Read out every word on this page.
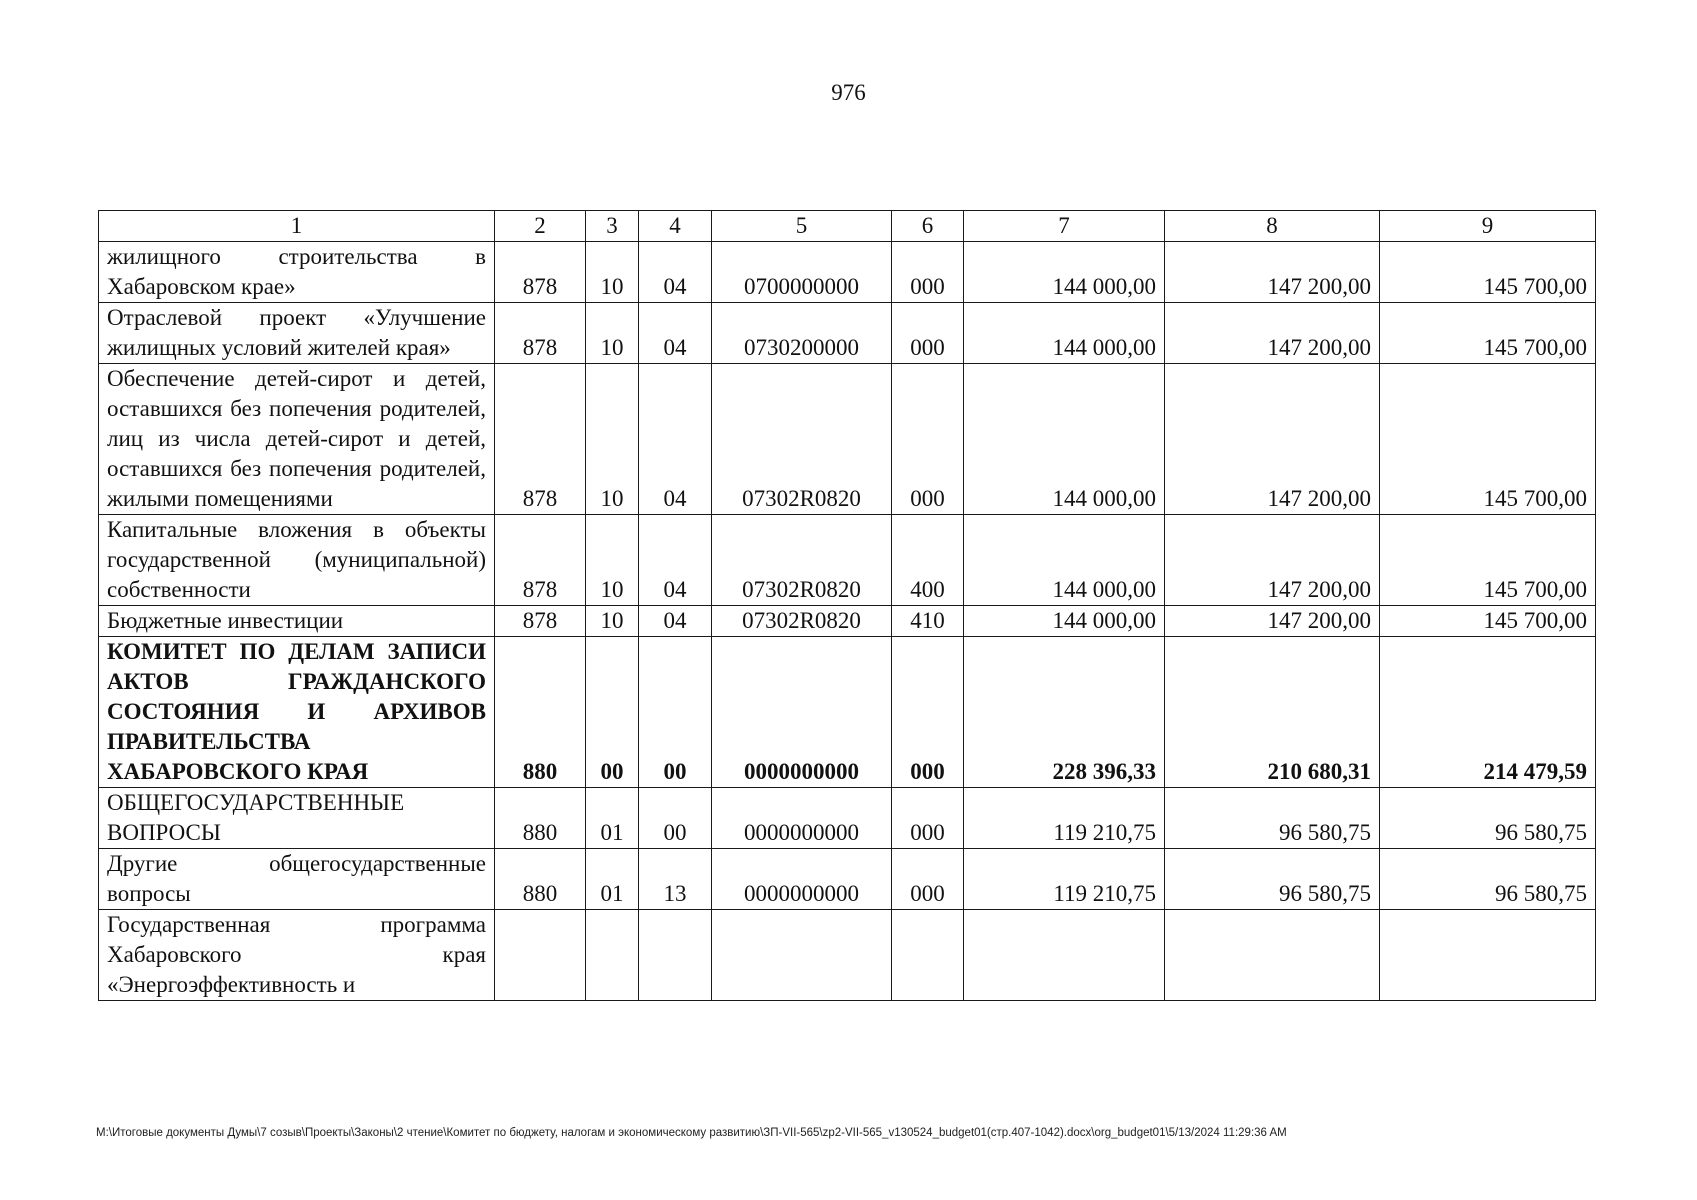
976
1	2	3	4	5	6	7	8	9
жилищного строительства в Хабаровском крае»	878	10	04	0700000000	000	144 000,00	147 200,00	145 700,00
Отраслевой проект «Улучшение жилищных условий жителей края»	878	10	04	0730200000	000	144 000,00	147 200,00	145 700,00
Обеспечение детей-сирот и детей, оставшихся без попечения родителей, лиц из числа детей-сирот и детей, оставшихся без попечения родителей, жилыми помещениями	878	10	04	07302R0820	000	144 000,00	147 200,00	145 700,00
Капитальные вложения в объекты государственной (муниципальной) собственности	878	10	04	07302R0820	400	144 000,00	147 200,00	145 700,00
Бюджетные инвестиции	878	10	04	07302R0820	410	144 000,00	147 200,00	145 700,00
КОМИТЕТ ПО ДЕЛАМ ЗАПИСИ АКТОВ ГРАЖДАНСКОГО СОСТОЯНИЯ И АРХИВОВ ПРАВИТЕЛЬСТВА ХАБАРОВСКОГО КРАЯ	880	00	00	0000000000	000	228 396,33	210 680,31	214 479,59
ОБЩЕГОСУДАРСТВЕННЫЕ ВОПРОСЫ	880	01	00	0000000000	000	119 210,75	96 580,75	96 580,75
Другие общегосударственные вопросы	880	01	13	0000000000	000	119 210,75	96 580,75	96 580,75
Государственная программа Хабаровского края «Энергоэффективность и								
M:\Итоговые документы Думы\7 созыв\Проекты\Законы\2 чтение\Комитет по бюджету, налогам и экономическому развитию\ЗП-VII-565\zp2-VII-565_v130524_budget01(стр.407-1042).docx\org_budget01\5/13/2024 11:29:36 AM
